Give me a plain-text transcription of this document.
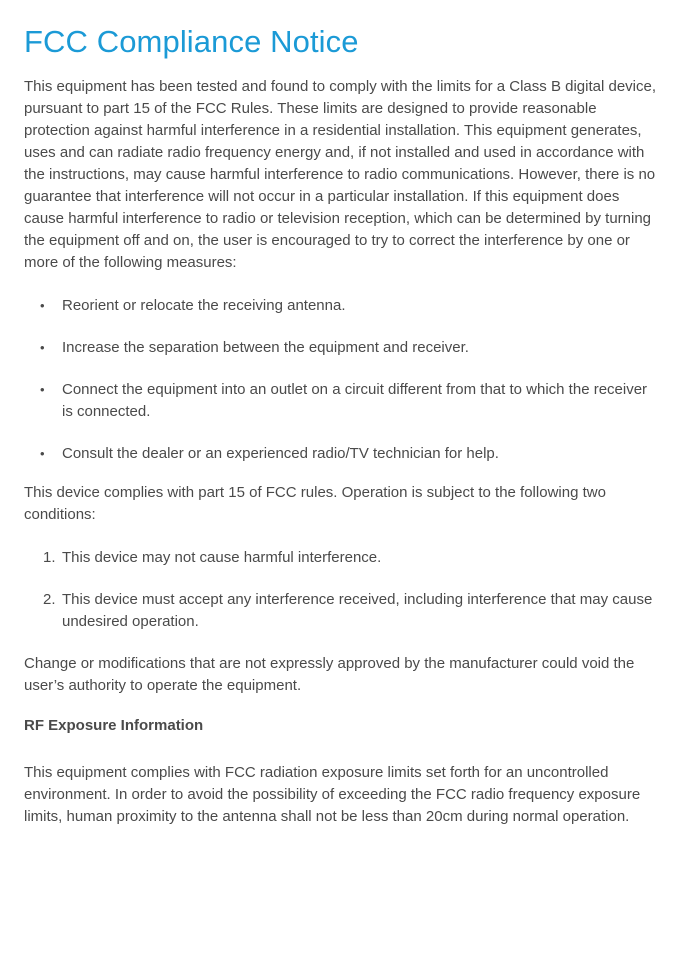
FCC Compliance Notice

This equipment has been tested and found to comply with the limits for a Class B digital device, pursuant to part 15 of the FCC Rules. These limits are designed to provide reasonable protection against harmful interference in a residential installation. This equipment generates, uses and can radiate radio frequency energy and, if not installed and used in accordance with the instructions, may cause harmful interference to radio communications. However, there is no guarantee that interference will not occur in a particular installation. If this equipment does cause harmful interference to radio or television reception, which can be determined by turning the equipment off and on, the user is encouraged to try to correct the interference by one or more of the following measures:

• Reorient or relocate the receiving antenna.
• Increase the separation between the equipment and receiver.
• Connect the equipment into an outlet on a circuit different from that to which the receiver is connected.
• Consult the dealer or an experienced radio/TV technician for help.

This device complies with part 15 of FCC rules. Operation is subject to the following two conditions:

1. This device may not cause harmful interference.
2. This device must accept any interference received, including interference that may cause undesired operation.

Change or modifications that are not expressly approved by the manufacturer could void the user’s authority to operate the equipment.

RF Exposure Information

This equipment complies with FCC radiation exposure limits set forth for an uncontrolled environment. In order to avoid the possibility of exceeding the FCC radio frequency exposure limits, human proximity to the antenna shall not be less than 20cm during normal operation.
